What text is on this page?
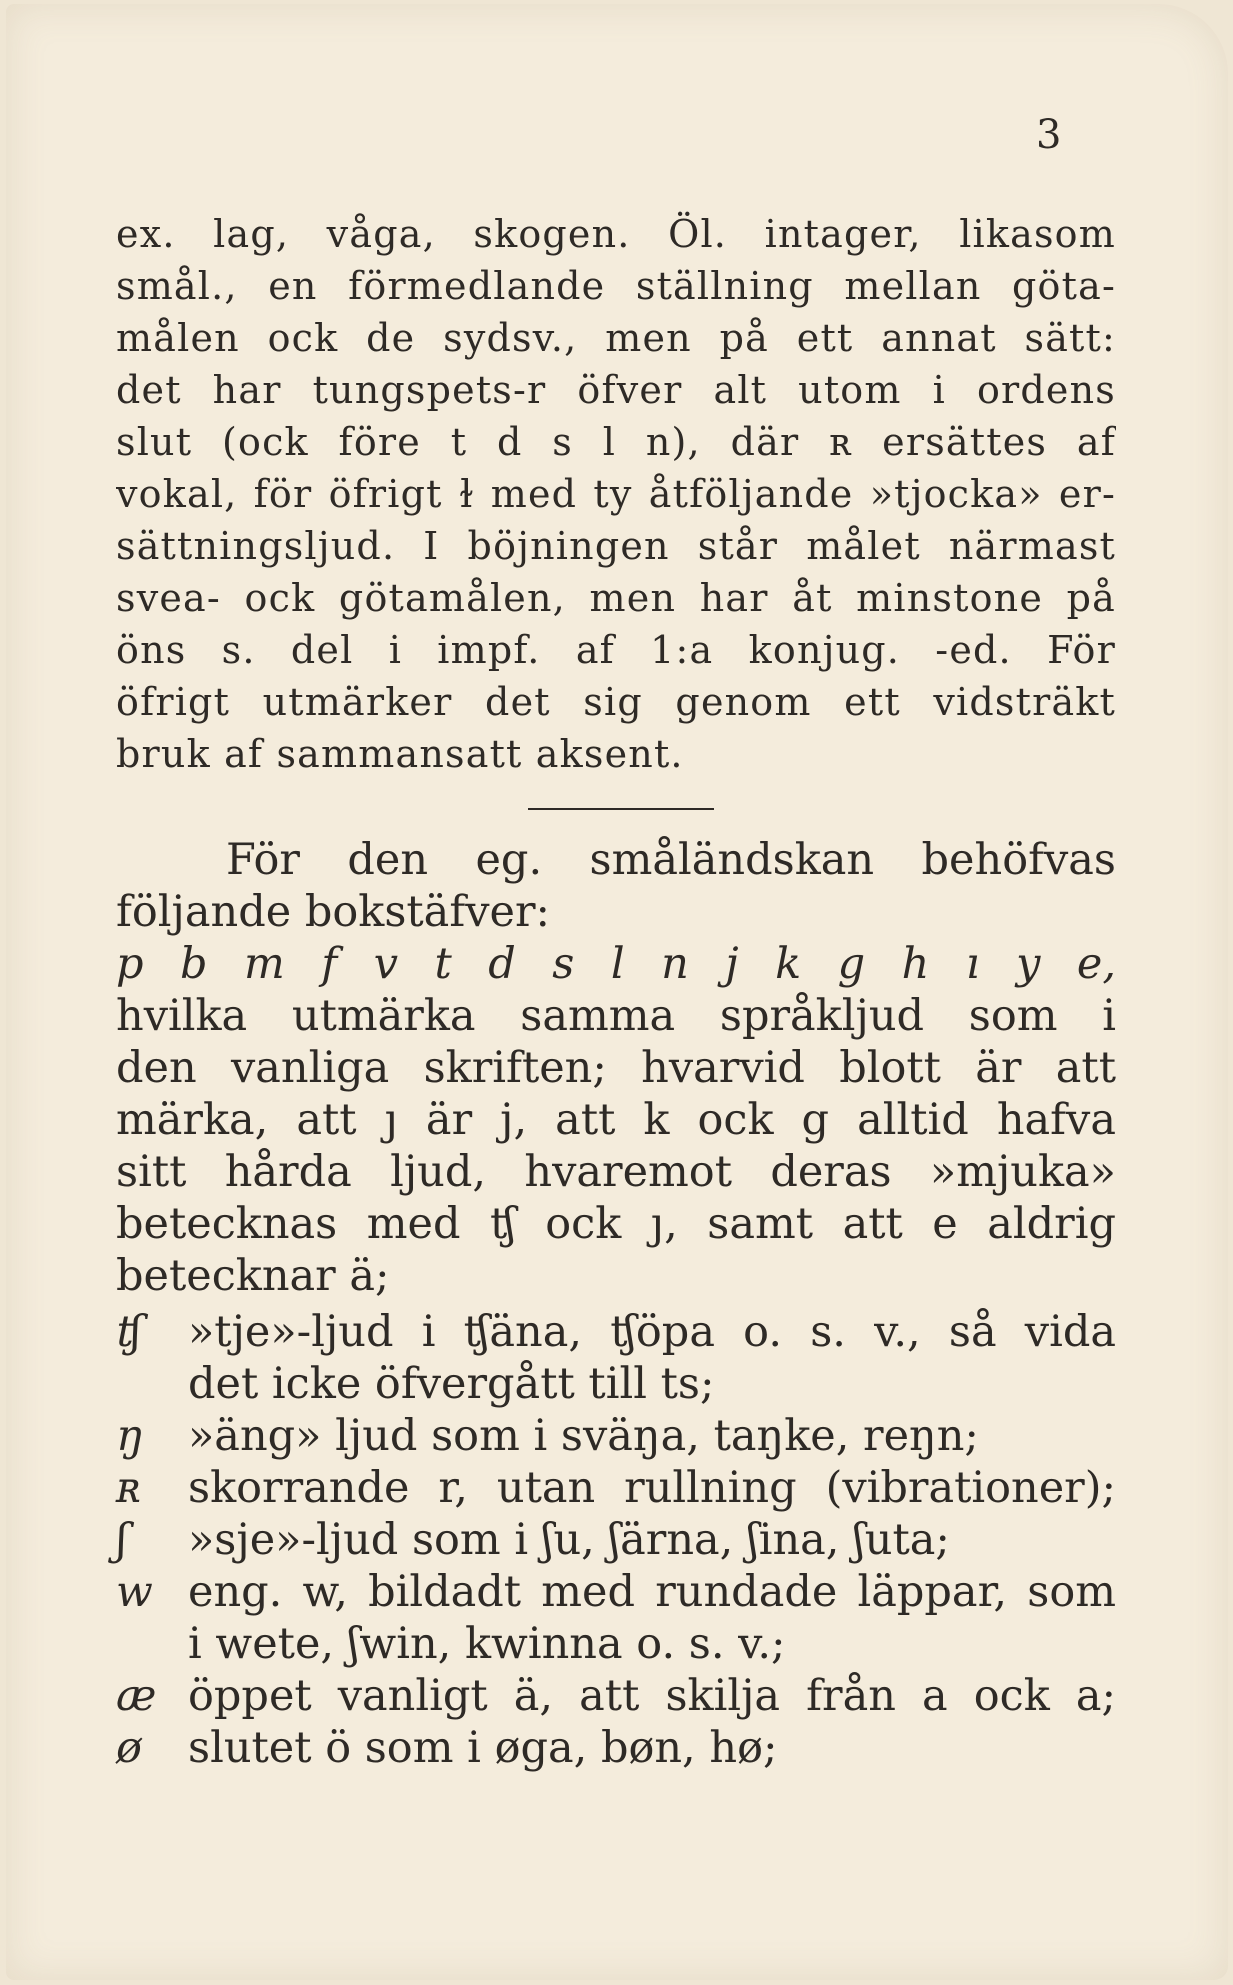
3
ex. lag, våga, skogen. Öl. intager, likasom
smål., en förmedlande ställning mellan göta-
målen ock de sydsv., men på ett annat sätt:
det har tungspets-r öfver alt utom i ordens
slut (ock före t d s l n), där ʀ ersättes af
vokal, för öfrigt ɫ med ty åtföljande »tjocka» er-
sättningsljud. I böjningen står målet närmast
svea- ock götamålen, men har åt minstone på
öns s. del i impf. af 1:a konjug. -ed. För
öfrigt utmärker det sig genom ett vidsträkt
bruk af sammansatt aksent.
För den eg. småländskan behöfvas
följande bokstäfver:
p b m f v t d s l n j k g h ı y e,
hvilka utmärka samma språkljud som i
den vanliga skriften; hvarvid blott är att
märka, att ȷ är j, att k ock g alltid hafva
sitt hårda ljud, hvaremot deras »mjuka»
betecknas med ʧ ock ȷ, samt att e aldrig
betecknar ä;
ʧ	»tje»-ljud i ʧäna, ʧöpa o. s. v., så vida
det icke öfvergått till ts;
ŋ	»äng» ljud som i sväŋa, taŋke, reŋn;
ʀ	skorrande r, utan rullning (vibrationer);
ʃ	»sje»-ljud som i ʃu, ʃärna, ʃina, ʃuta;
w eng. w, bildadt med rundade läppar, som
i wete, ʃwin, kwinna o. s. v.;
æ öppet vanligt ä, att skilja från a ock a;
ø	slutet ö som i øga, bøn, hø;
